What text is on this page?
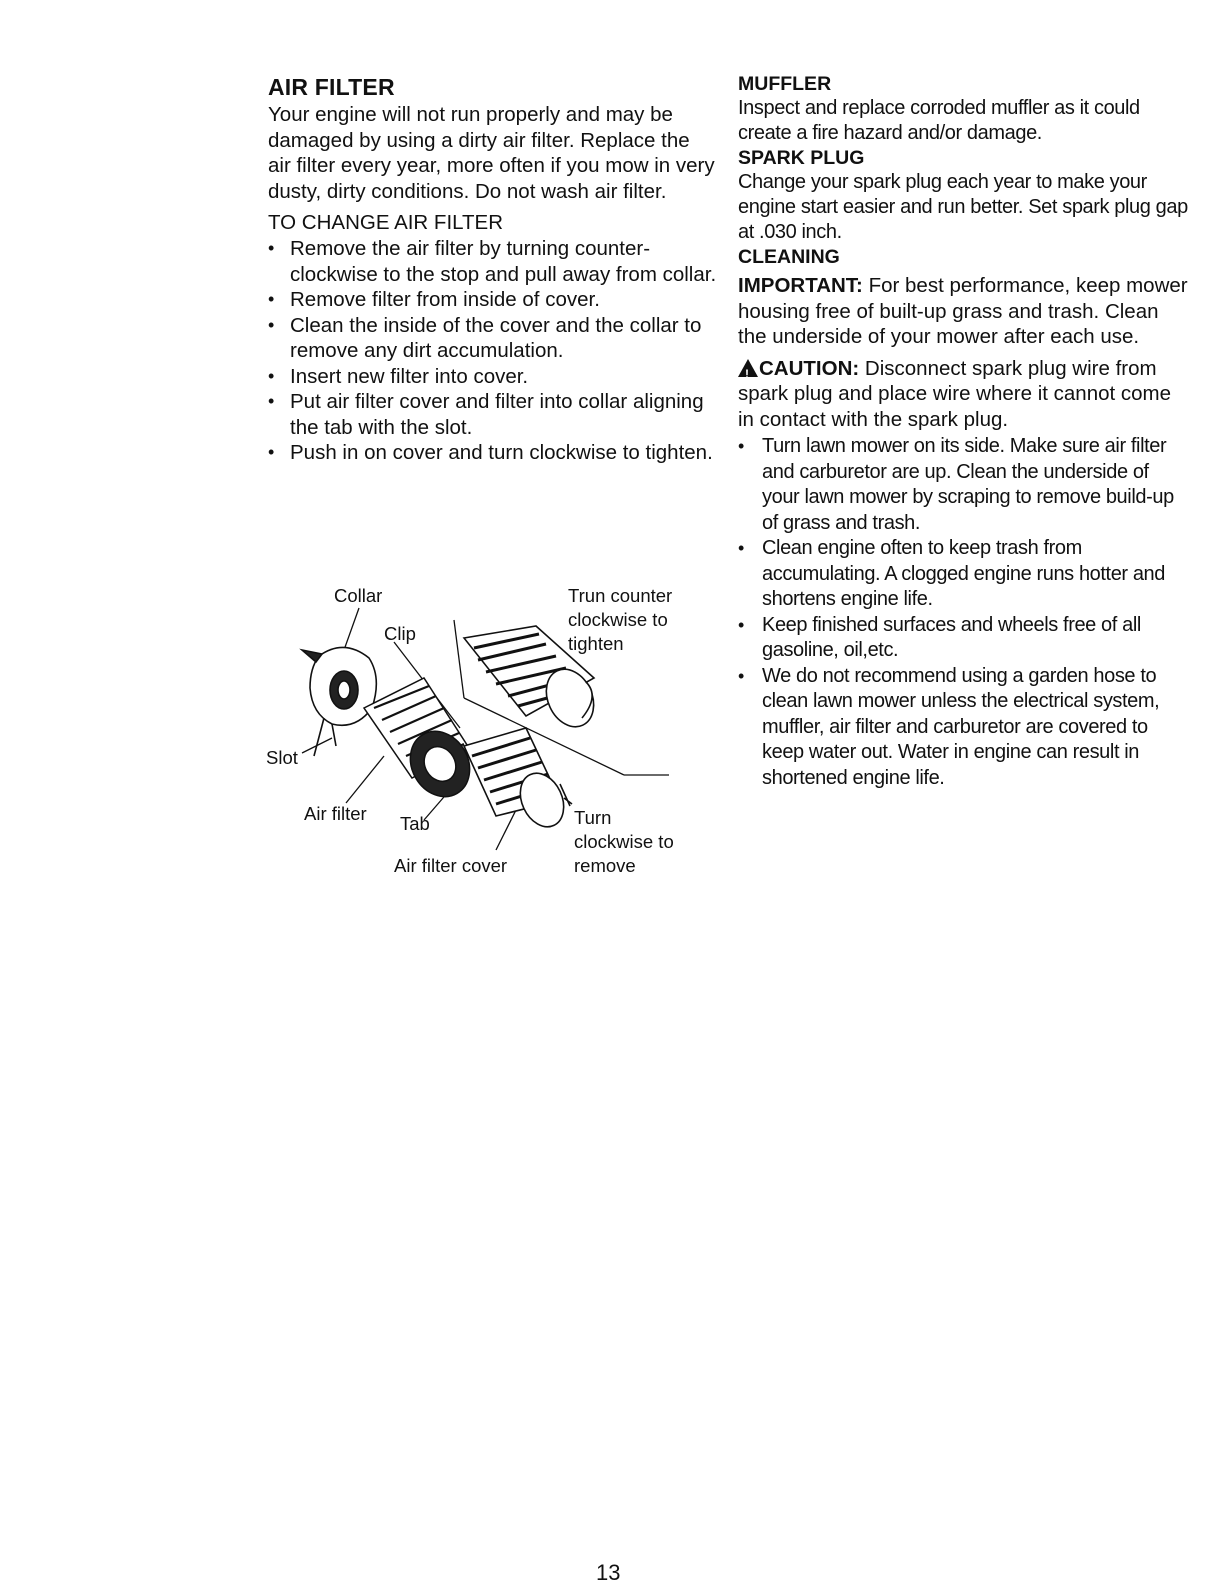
AIR FILTER

Your engine will not run properly and may be damaged by using a dirty air filter. Replace the air filter every year, more often if you mow in very dusty, dirty conditions. Do not wash air filter.

TO CHANGE AIR FILTER

• Remove the air filter by turning counter-clockwise to the stop and pull away from collar.
• Remove filter from inside of cover.
• Clean the inside of the cover and the collar to remove any dirt accumulation.
• Insert new filter into cover.
• Put air filter cover and filter into collar aligning the tab with the slot.
• Push in on cover and turn clockwise to tighten.
Collar
Clip
Slot
Air filter Tab
Air filter cover
Trun counter
clockwise to
tighten
Turn
clockwise to
remove

MUFFLER

Inspect and replace corroded muffler as it could create a fire hazard and/or damage.

SPARK PLUG

Change your spark plug each year to make your engine start easier and run better. Set spark plug gap at .030 inch.

CLEANING

IMPORTANT: For best performance, keep mower housing free of built-up grass and trash. Clean the underside of your mower after each use.

!CAUTION: Disconnect spark plug wire from spark plug and place wire where it cannot come in contact with the spark plug.

• Turn lawn mower on its side. Make sure air filter and carburetor are up. Clean the underside of your lawn mower by scraping to remove build-up of grass and trash.
• Clean engine often to keep trash from accumulating. A clogged engine runs hotter and shortens engine life.
• Keep finished surfaces and wheels free of all gasoline, oil,etc.
• We do not recommend using a garden hose to clean lawn mower unless the electrical system, muffler, air filter and carburetor are covered to keep water out. Water in engine can result in shortened engine life.
13
